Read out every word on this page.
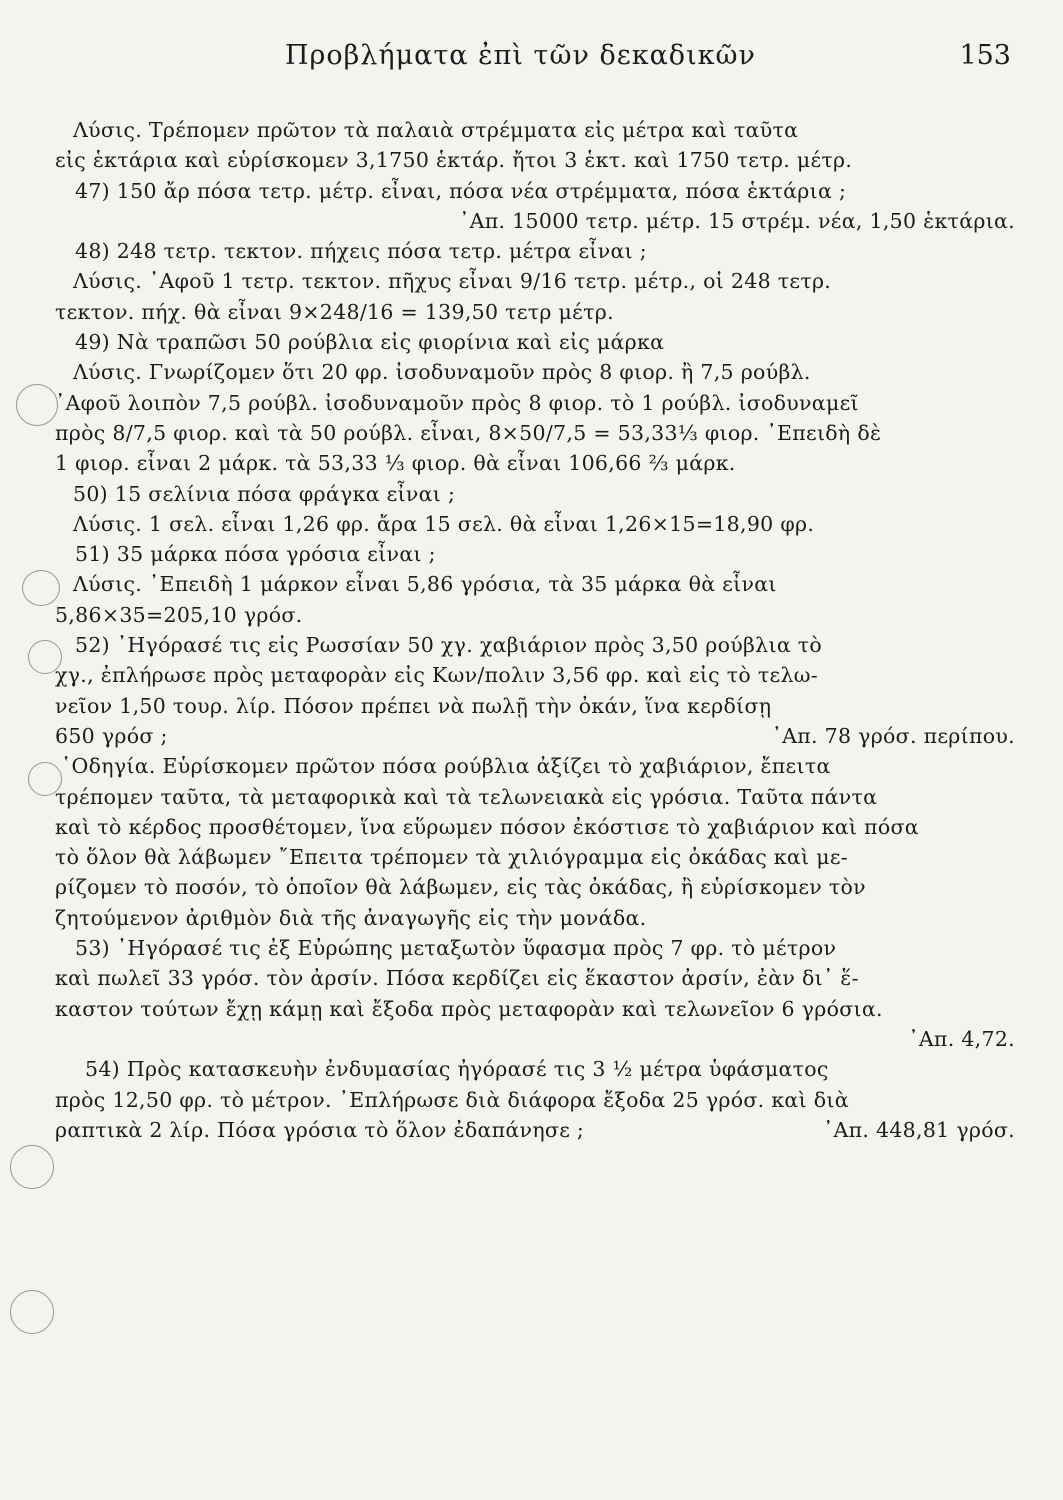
Προβλήματα ἐπὶ τῶν δεκαδικῶν	153
Λύσις. Τρέπομεν πρῶτον τὰ παλαιὰ στρέμματα εἰς μέτρα καὶ ταῦτα
εἰς ἑκτάρια καὶ εὑρίσκομεν 3,1750 ἑκτάρ. ἤτοι 3 ἑκτ. καὶ 1750 τετρ. μέτρ.
47) 150 ἄρ πόσα τετρ. μέτρ. εἶναι, πόσα νέα στρέμματα, πόσα ἑκτάρια ;
᾿Απ. 15000 τετρ. μέτρ. 15 στρέμ. νέα, 1,50 ἑκτάρια.
48) 248 τετρ. τεκτον. πήχεις πόσα τετρ. μέτρα εἶναι ;
Λύσις. ᾿Αφοῦ 1 τετρ. τεκτον. πῆχυς εἶναι 9/16 τετρ. μέτρ., οἱ 248 τετρ.
τεκτον. πήχ. θὰ εἶναι 9×248/16 = 139,50 τετρ μέτρ.
49) Νὰ τραπῶσι 50 ρούβλια εἰς φιορίνια καὶ εἰς μάρκα
Λύσις. Γνωρίζομεν ὅτι 20 φρ. ἰσοδυναμοῦν πρὸς 8 φιορ. ἢ 7,5 ρούβλ.
᾿Αφοῦ λοιπὸν 7,5 ρούβλ. ἰσοδυναμοῦν πρὸς 8 φιορ. τὸ 1 ρούβλ. ἰσοδυναμεῖ
πρὸς 8/7,5 φιορ. καὶ τὰ 50 ρούβλ. εἶναι, 8×50/7,5 = 53,33⅓ φιορ. ᾿Επειδὴ δὲ
1 φιορ. εἶναι 2 μάρκ. τὰ 53,33 ⅓ φιορ. θὰ εἶναι 106,66 ⅔ μάρκ.
50) 15 σελίνια πόσα φράγκα εἶναι ;
Λύσις. 1 σελ. εἶναι 1,26 φρ. ἄρα 15 σελ. θὰ εἶναι 1,26×15=18,90 φρ.
51) 35 μάρκα πόσα γρόσια εἶναι ;
Λύσις. ᾿Επειδὴ 1 μάρκον εἶναι 5,86 γρόσια, τὰ 35 μάρκα θὰ εἶναι
5,86×35=205,10 γρόσ.
52) ᾿Ηγόρασέ τις εἰς Ρωσσίαν 50 χγ. χαβιάριον πρὸς 3,50 ρούβλια τὸ
χγ., ἐπλήρωσε πρὸς μεταφορὰν εἰς Κων/πολιν 3,56 φρ. καὶ εἰς τὸ τελω-
νεῖον 1,50 τουρ. λίρ. Πόσον πρέπει νὰ πωλῇ τὴν ὀκάν, ἵνα κερδίσῃ
650 γρόσ ;	᾿Απ. 78 γρόσ. περίπου.
῾Οδηγία. Εὑρίσκομεν πρῶτον πόσα ρούβλια ἀξίζει τὸ χαβιάριον, ἔπειτα
τρέπομεν ταῦτα, τὰ μεταφορικὰ καὶ τὰ τελωνειακὰ εἰς γρόσια. Ταῦτα πάντα
καὶ τὸ κέρδος προσθέτομεν, ἵνα εὕρωμεν πόσον ἐκόστισε τὸ χαβιάριον καὶ πόσα
τὸ ὅλον θὰ λάβωμεν ῎Επειτα τρέπομεν τὰ χιλιόγραμμα εἰς ὀκάδας καὶ με-
ρίζομεν τὸ ποσόν, τὸ ὁποῖον θὰ λάβωμεν, εἰς τὰς ὀκάδας, ἢ εὑρίσκομεν τὸν
ζητούμενον ἀριθμὸν διὰ τῆς ἀναγωγῆς εἰς τὴν μονάδα.
53) ᾿Ηγόρασέ τις ἐξ Εὐρώπης μεταξωτὸν ὕφασμα πρὸς 7 φρ. τὸ μέτρον
καὶ πωλεῖ 33 γρόσ. τὸν ἀρσίν. Πόσα κερδίζει εἰς ἕκαστον ἀρσίν, ἐὰν δι᾿ ἕ-
καστον τούτων ἔχῃ κάμῃ καὶ ἔξοδα πρὸς μεταφορὰν καὶ τελωνεῖον 6 γρόσια.
᾿Απ. 4,72.
54) Πρὸς κατασκευὴν ἐνδυμασίας ἠγόρασέ τις 3 ½ μέτρα ὑφάσματος
πρὸς 12,50 φρ. τὸ μέτρον. ᾿Επλήρωσε διὰ διάφορα ἔξοδα 25 γρόσ. καὶ διὰ
ραπτικὰ 2 λίρ. Πόσα γρόσια τὸ ὅλον ἐδαπάνησε ;	᾿Απ. 448,81 γρόσ.
